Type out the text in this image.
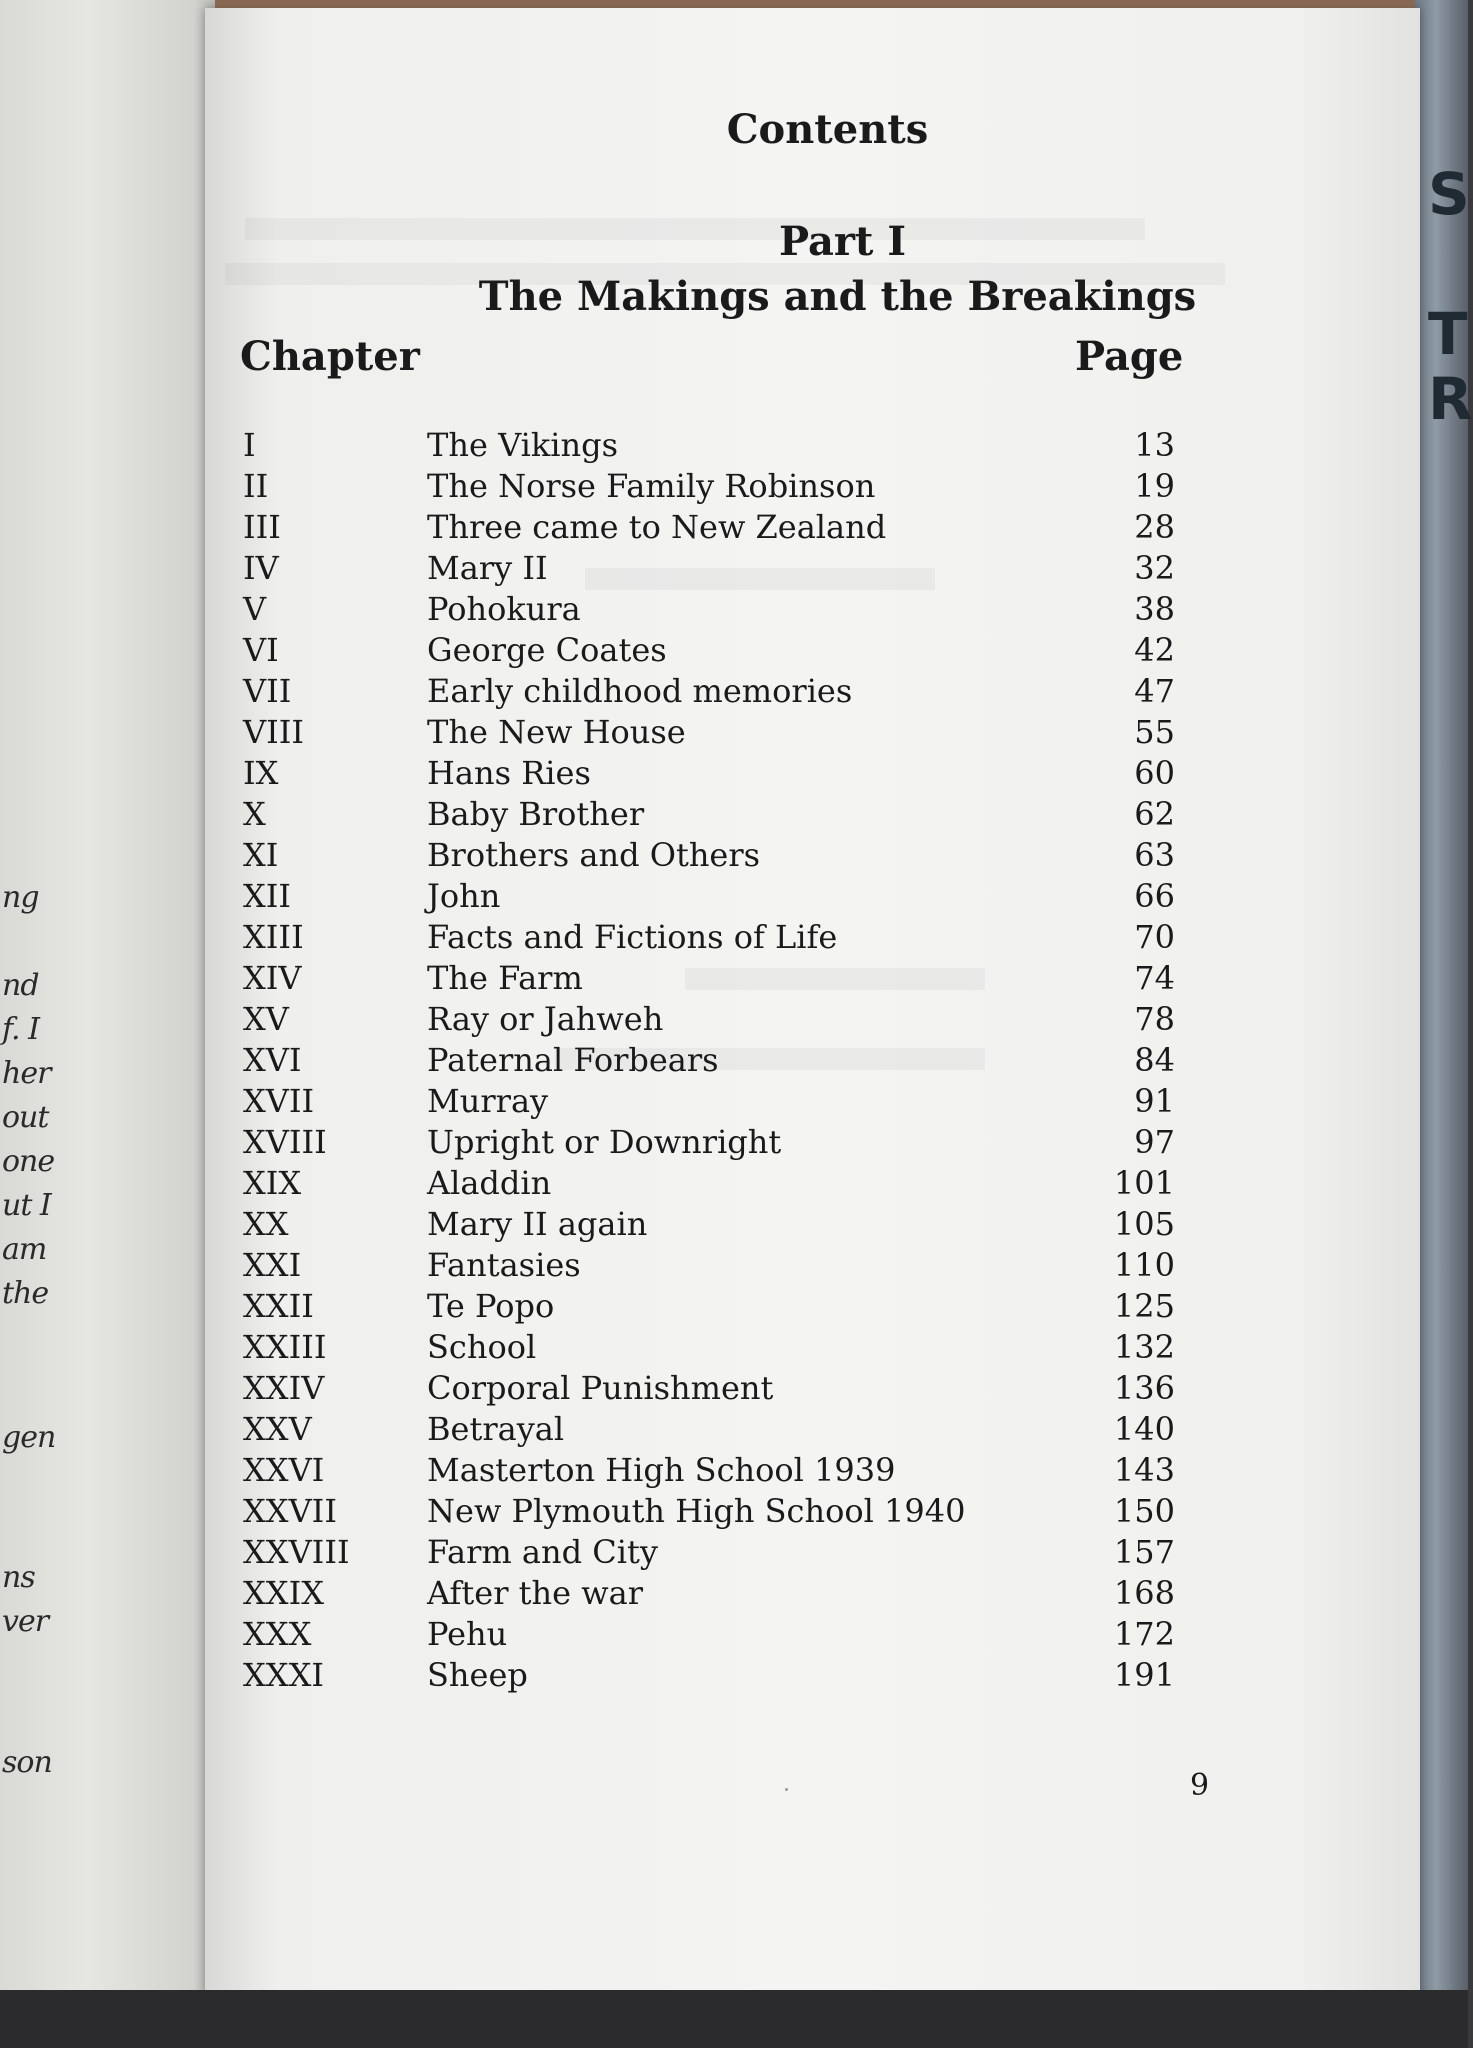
S
T
R
ng
nd
f. I
her
out
one
ut I
am
the
gen
ns
ver
son
Contents
Part I
The Makings and the Breakings
Chapter	Page
I	The Vikings	13
II	The Norse Family Robinson	19
III	Three came to New Zealand	28
IV	Mary II	32
V	Pohokura	38
VI	George Coates	42
VII	Early childhood memories	47
VIII	The New House	55
IX	Hans Ries	60
X	Baby Brother	62
XI	Brothers and Others	63
XII	John	66
XIII	Facts and Fictions of Life	70
XIV	The Farm	74
XV	Ray or Jahweh	78
XVI	Paternal Forbears	84
XVII	Murray	91
XVIII	Upright or Downright	97
XIX	Aladdin	101
XX	Mary II again	105
XXI	Fantasies	110
XXII	Te Popo	125
XXIII	School	132
XXIV	Corporal Punishment	136
XXV	Betrayal	140
XXVI	Masterton High School 1939	143
XXVII	New Plymouth High School 1940	150
XXVIII Farm and City	157
XXIX	After the war	168
XXX	Pehu	172
XXXI	Sheep	191
9
